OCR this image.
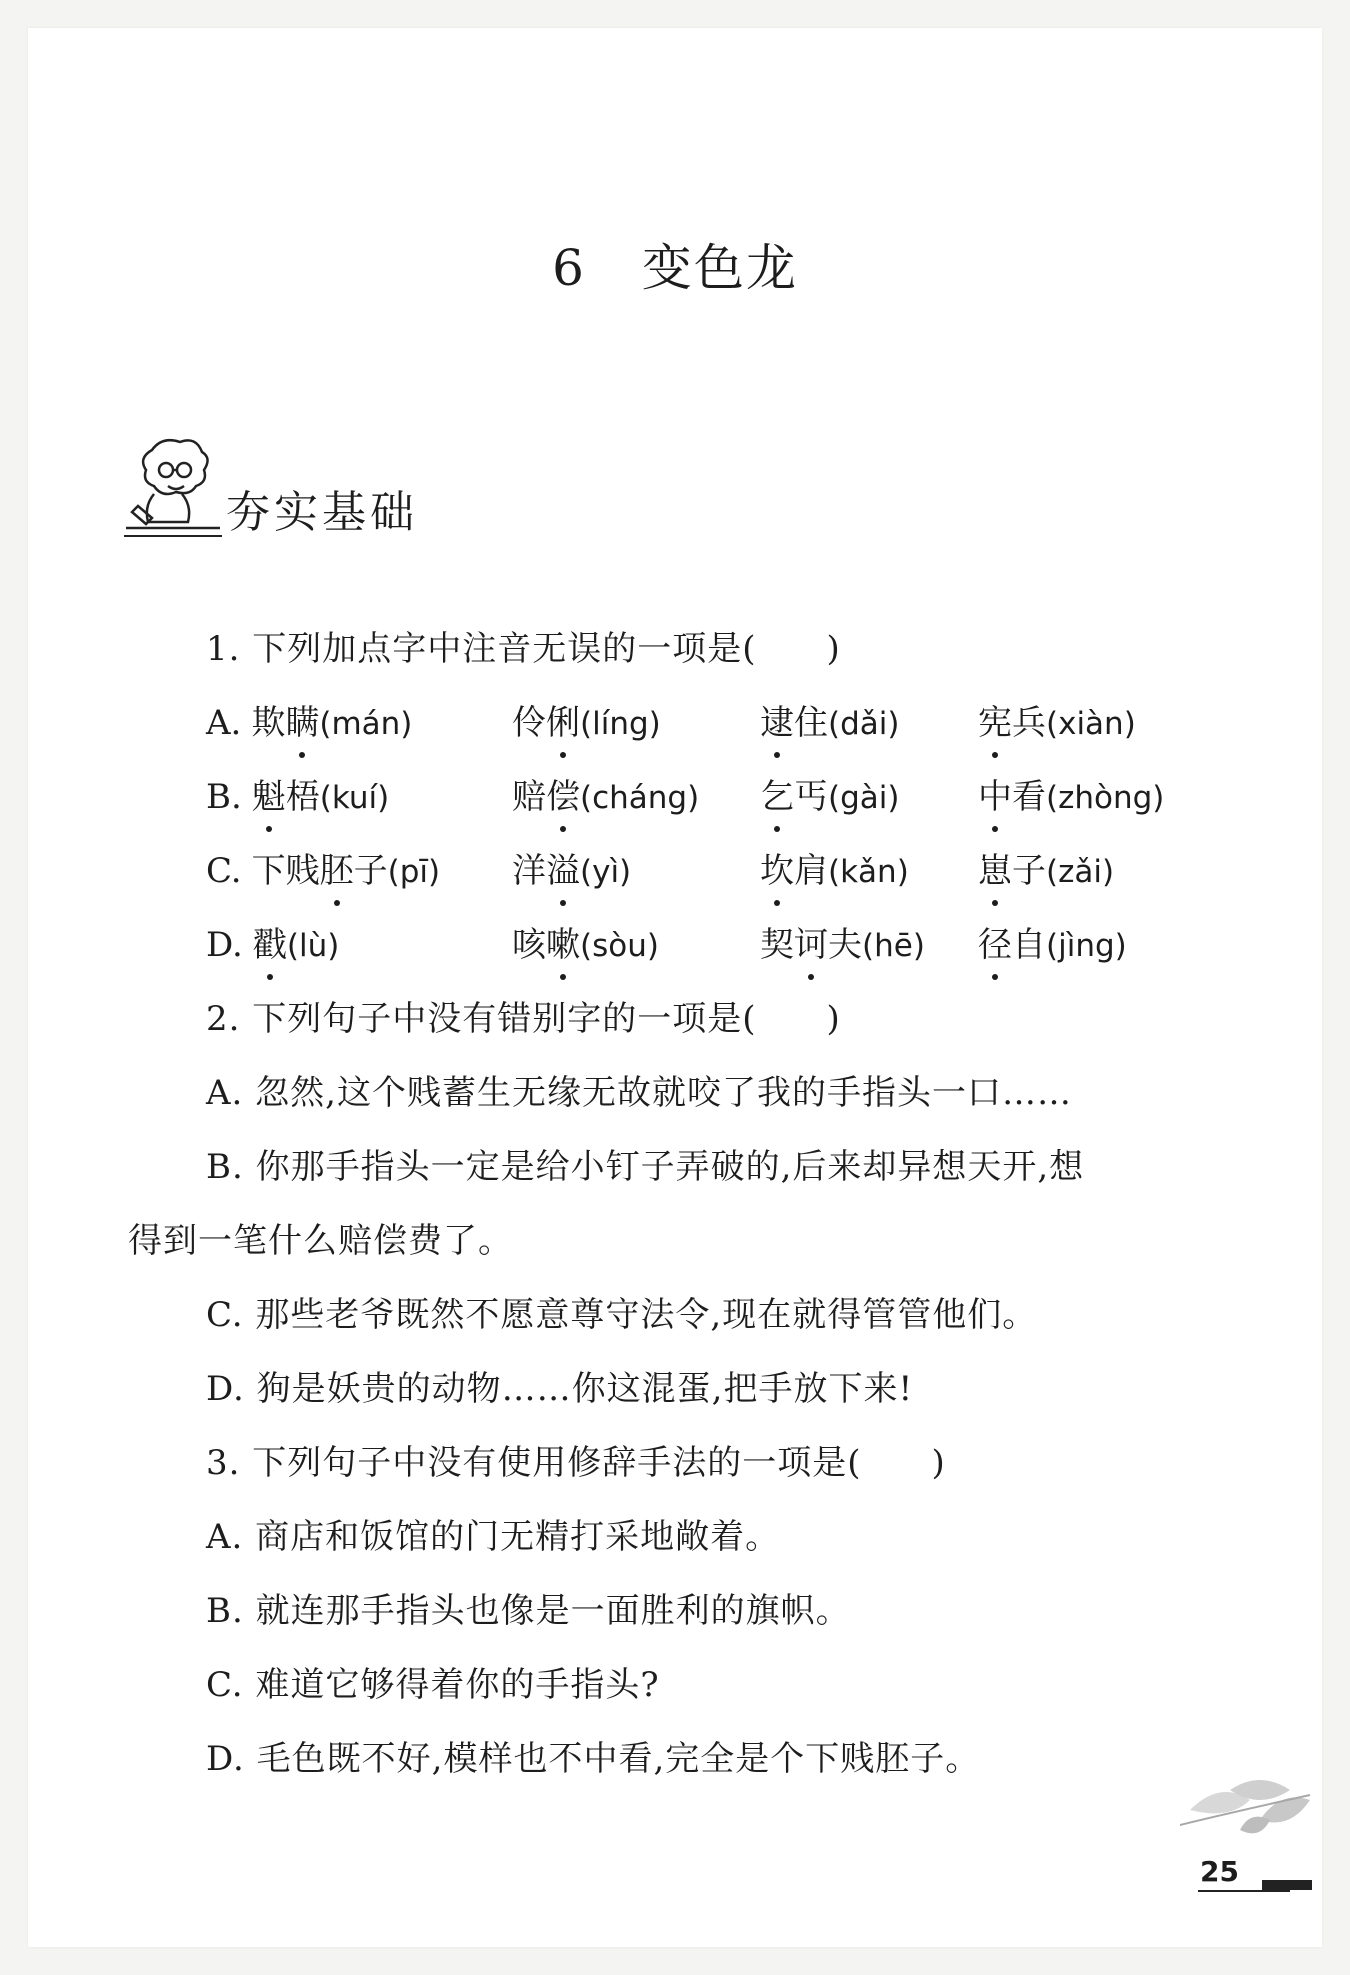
6 变色龙
夯实基础
1. 下列加点字中注音无误的一项是( )
A. 欺瞒(mán)	伶俐(líng)	逮住(dǎi) 宪兵(xiàn)
B. 魁梧(kuí)	赔偿(cháng) 乞丐(gài) 中看(zhòng)
C. 下贱胚子(pī) 洋溢(yì)	坎肩(kǎn) 崽子(zǎi)
D. 戳(lù)	咳嗽(sòu)	契诃夫(hē) 径自(jìng)
2. 下列句子中没有错别字的一项是( )
A. 忽然,这个贱蓄生无缘无故就咬了我的手指头一口……
B. 你那手指头一定是给小钉子弄破的,后来却异想天开,想
得到一笔什么赔偿费了。
C. 那些老爷既然不愿意尊守法令,现在就得管管他们。
D. 狗是妖贵的动物……你这混蛋,把手放下来!
3. 下列句子中没有使用修辞手法的一项是( )
A. 商店和饭馆的门无精打采地敞着。
B. 就连那手指头也像是一面胜利的旗帜。
C. 难道它够得着你的手指头?
D. 毛色既不好,模样也不中看,完全是个下贱胚子。
25
